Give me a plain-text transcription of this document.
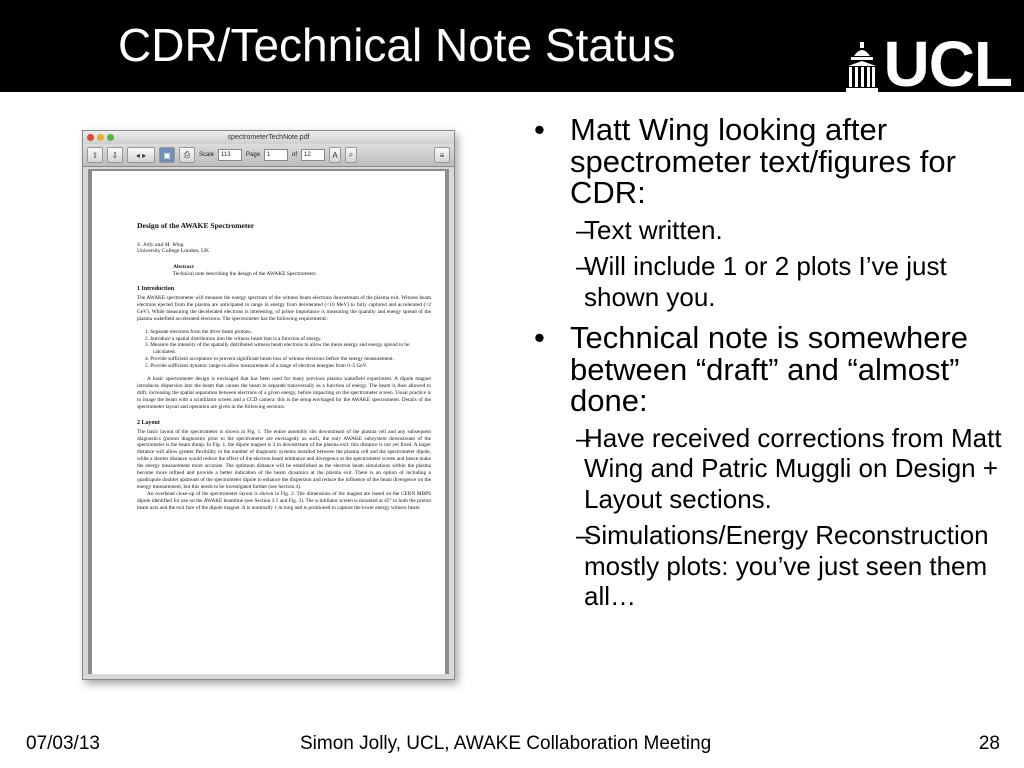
CDR/Technical Note Status	UCL
spectrometerTechNote.pdf
⇧	⇩	◂ ▸	▣	⎙	Scale	113	Page	1	of	12	A	⌕	≡
Design of the AWAKE Spectrometer
S. Jolly and M. Wing
University College London, UK
Abstract
Technical note describing the design of the AWAKE Spectrometer.
1 Introduction
The AWAKE spectrometer will measure the energy spectrum of the witness beam electrons downstream of the plasma exit. Witness beam electrons ejected from the plasma are anticipated to range in energy from decelerated (<10 MeV) to fully captured and accelerated (>2 GeV). While measuring the decelerated electrons is interesting, of prime importance is measuring the quantity and energy spread of the plasma wakefield accelerated electrons. The spectrometer has the following requirements:
1. Separate electrons from the drive beam protons.
2. Introduce a spatial distribution into the witness beam that is a function of energy.
3. Measure the intensity of the spatially distributed witness beam electrons to allow the mean energy and energy spread to be calculated.
4. Provide sufficient acceptance to prevent significant beam loss of witness electrons before the energy measurement.
5. Provide sufficient dynamic range to allow measurement of a range of electron energies from 0–5 GeV.
A basic spectrometer design is envisaged that has been used for many previous plasma wakefield experiment. A dipole magnet introduces dispersion into the beam that causes the beam to separate transversally as a function of energy. The beam is then allowed to drift, increasing the spatial separation between electrons of a given energy, before impacting on the spectrometer screen. Usual practice is to image the beam with a scintillator screen and a CCD camera: this is the setup envisaged for the AWAKE spectrometer. Details of the spectrometer layout and operation are given in the following sections.
2 Layout
The basic layout of the spectrometer is shown in Fig. 1. The entire assembly sits downstream of the plasma cell and any subsequent diagnostics (proton diagnostics prior to the spectrometer are envisaged): as such, the only AWAKE subsystem downstream of the spectrometer is the beam dump. In Fig. 1, the dipole magnet is 2 m downstream of the plasma exit: this distance is not yet fixed. A larger distance will allow greater flexibility in the number of diagnostic systems installed between the plasma cell and the spectrometer dipole, while a shorter distance would reduce the effect of the electron beam emittance and divergence at the spectrometer screen and hence make the energy measurement more accurate. The optimum distance will be established as the electron beam simulations within the plasma become more refined and provide a better indication of the beam dynamics at the plasma exit. There is an option of including a quadrupole doublet upstream of the spectrometer dipole to enhance the dispersion and reduce the influence of the beam divergence on the energy measurement, but this needs to be investigated further (see Section 4).
An overhead close-up of the spectrometer layout is shown in Fig. 2. The dimensions of the magnet are based on the CERN MBPS dipole identified for use on the AWAKE beamline (see Section 3.1 and Fig. 3). The scintillator screen is mounted at 45° to both the proton beam axis and the exit face of the dipole magnet. It is nominally 1 m long and is positioned to capture the lower energy witness beam
• Matt Wing looking after spectrometer text/figures for CDR:
– Text written.
– Will include 1 or 2 plots I’ve just shown you.
• Technical note is somewhere between “draft” and “almost” done:
– Have received corrections from Matt Wing and Patric Muggli on Design + Layout sections.
– Simulations/Energy Reconstruction mostly plots: you’ve just seen them all…
07/03/13	Simon Jolly, UCL, AWAKE Collaboration Meeting	28
